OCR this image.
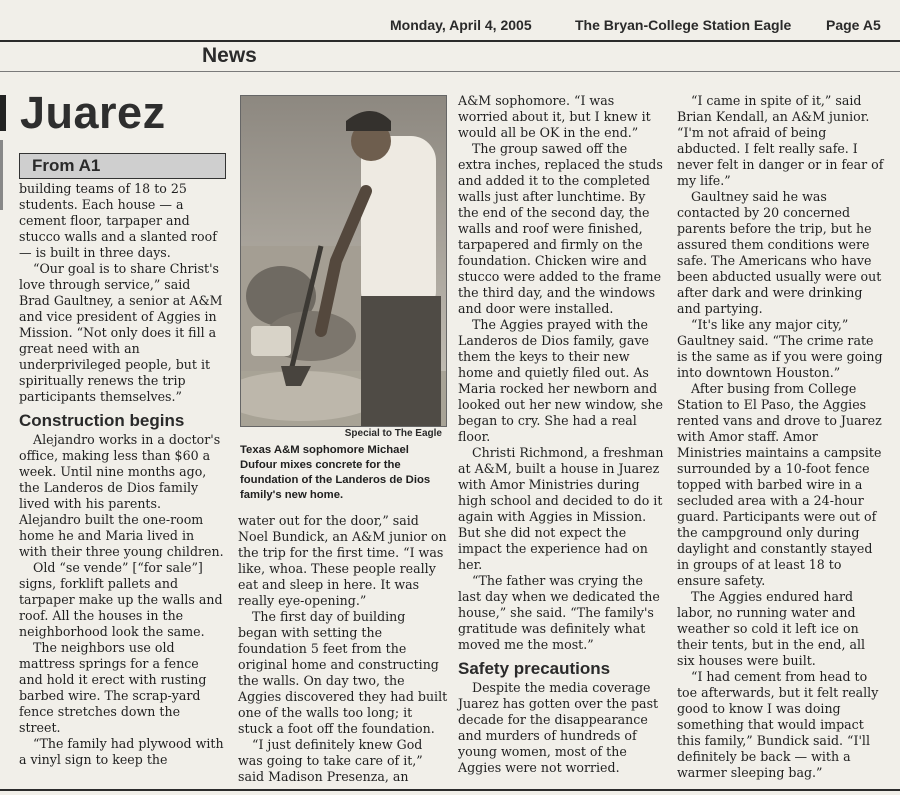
Monday, April 4, 2005	The Bryan-College Station Eagle Page A5
News
Juarez
From A1
Special to The Eagle
Texas A&M sophomore Michael Dufour mixes concrete for the foundation of the Landeros de Dios family's new home.

building teams of 18 to 25 students. Each house — a cement floor, tarpaper and stucco walls and a slanted roof — is built in three days.

“Our goal is to share Christ's love through service,” said Brad Gaultney, a senior at A&M and vice president of Aggies in Mission. “Not only does it fill a great need with an underprivileged people, but it spiritually renews the trip participants themselves.”

Construction begins

Alejandro works in a doctor's office, making less than $60 a week. Until nine months ago, the Landeros de Dios family lived with his parents. Alejandro built the one-room home he and Maria lived in with their three young children.

Old “se vende” [“for sale”] signs, forklift pallets and tarpaper make up the walls and roof. All the houses in the neighborhood look the same.

The neighbors use old mattress springs for a fence and hold it erect with rusting barbed wire. The scrap-yard fence stretches down the street.

“The family had plywood with a vinyl sign to keep the

water out for the door,” said Noel Bundick, an A&M junior on the trip for the first time. “I was like, whoa. These people really eat and sleep in here. It was really eye-opening.”

The first day of building began with setting the foundation 5 feet from the original home and constructing the walls. On day two, the Aggies discovered they had built one of the walls too long; it stuck a foot off the foundation.

“I just definitely knew God was going to take care of it,” said Madison Presenza, an

A&M sophomore. “I was worried about it, but I knew it would all be OK in the end.”

The group sawed off the extra inches, replaced the studs and added it to the completed walls just after lunchtime. By the end of the second day, the walls and roof were finished, tarpapered and firmly on the foundation. Chicken wire and stucco were added to the frame the third day, and the windows and door were installed.

The Aggies prayed with the Landeros de Dios family, gave them the keys to their new home and quietly filed out. As Maria rocked her newborn and looked out her new window, she began to cry. She had a real floor.

Christi Richmond, a freshman at A&M, built a house in Juarez with Amor Ministries during high school and decided to do it again with Aggies in Mission. But she did not expect the impact the experience had on her.

“The father was crying the last day when we dedicated the house,” she said. “The family's gratitude was definitely what moved me the most.”

Safety precautions

Despite the media coverage Juarez has gotten over the past decade for the disappearance and murders of hundreds of young women, most of the Aggies were not worried.

“I came in spite of it,” said Brian Kendall, an A&M junior. “I'm not afraid of being abducted. I felt really safe. I never felt in danger or in fear of my life.”

Gaultney said he was contacted by 20 concerned parents before the trip, but he assured them conditions were safe. The Americans who have been abducted usually were out after dark and were drinking and partying.

“It's like any major city,” Gaultney said. “The crime rate is the same as if you were going into downtown Houston.”

After busing from College Station to El Paso, the Aggies rented vans and drove to Juarez with Amor staff. Amor Ministries maintains a campsite surrounded by a 10-foot fence topped with barbed wire in a secluded area with a 24-hour guard. Participants were out of the campground only during daylight and constantly stayed in groups of at least 18 to ensure safety.

The Aggies endured hard labor, no running water and weather so cold it left ice on their tents, but in the end, all six houses were built.

“I had cement from head to toe afterwards, but it felt really good to know I was doing something that would impact this family,” Bundick said. “I'll definitely be back — with a warmer sleeping bag.”
